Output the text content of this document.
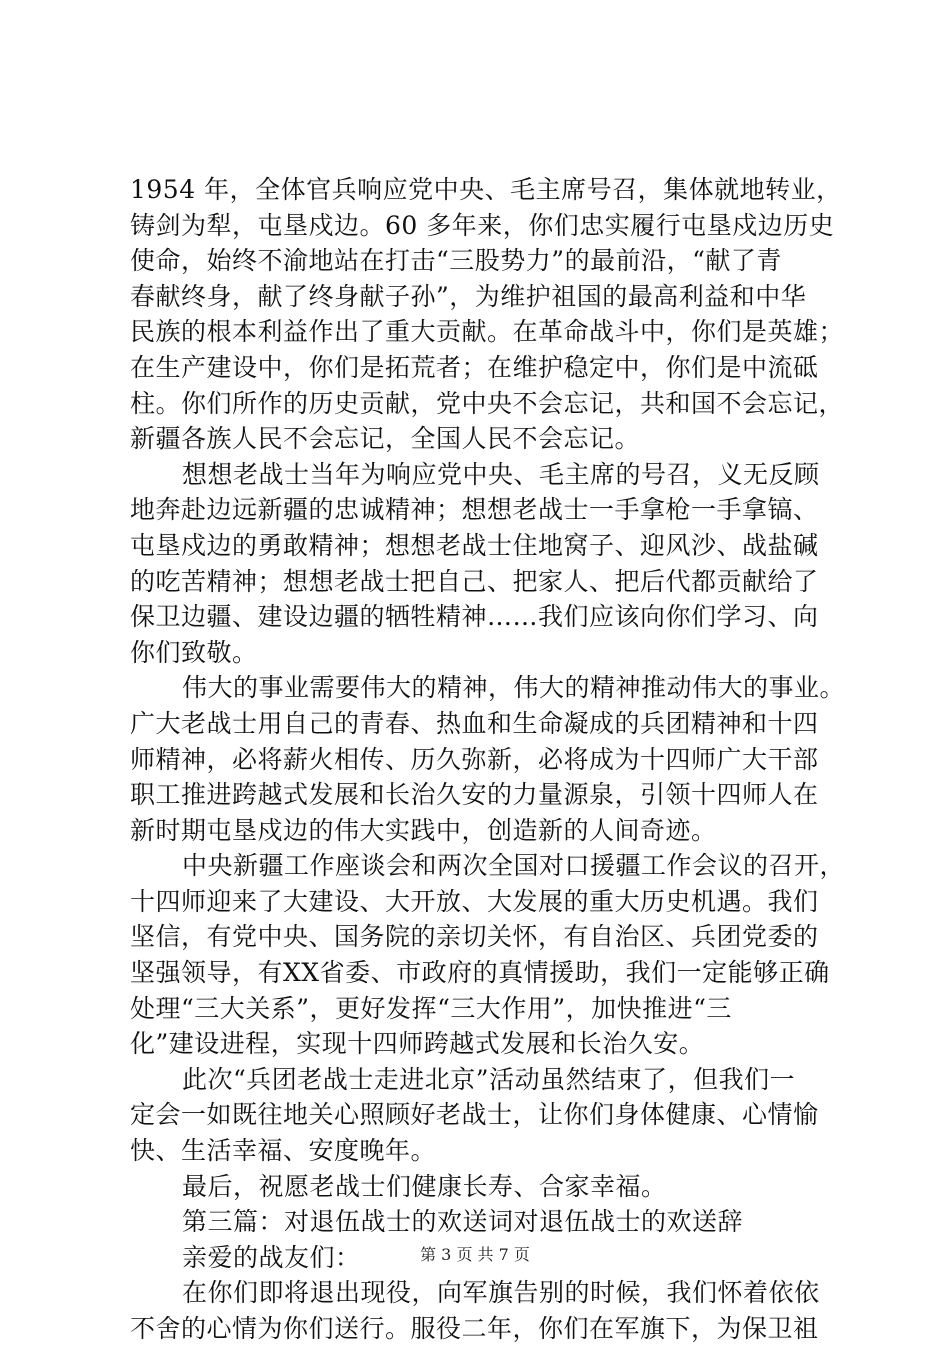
1954 年，全体官兵响应党中央、毛主席号召，集体就地转业，
铸剑为犁，屯垦戍边。60 多年来，你们忠实履行屯垦戍边历史
使命，始终不渝地站在打击“三股势力”的最前沿，“献了青
春献终身，献了终身献子孙”，为维护祖国的最高利益和中华
民族的根本利益作出了重大贡献。在革命战斗中，你们是英雄；
在生产建设中，你们是拓荒者；在维护稳定中，你们是中流砥
柱。你们所作的历史贡献，党中央不会忘记，共和国不会忘记，
新疆各族人民不会忘记，全国人民不会忘记。
想想老战士当年为响应党中央、毛主席的号召，义无反顾
地奔赴边远新疆的忠诚精神；想想老战士一手拿枪一手拿镐、
屯垦戍边的勇敢精神；想想老战士住地窝子、迎风沙、战盐碱
的吃苦精神；想想老战士把自己、把家人、把后代都贡献给了
保卫边疆、建设边疆的牺牲精神……我们应该向你们学习、向
你们致敬。
伟大的事业需要伟大的精神，伟大的精神推动伟大的事业。
广大老战士用自己的青春、热血和生命凝成的兵团精神和十四
师精神，必将薪火相传、历久弥新，必将成为十四师广大干部
职工推进跨越式发展和长治久安的力量源泉，引领十四师人在
新时期屯垦戍边的伟大实践中，创造新的人间奇迹。
中央新疆工作座谈会和两次全国对口援疆工作会议的召开，
十四师迎来了大建设、大开放、大发展的重大历史机遇。我们
坚信，有党中央、国务院的亲切关怀，有自治区、兵团党委的
坚强领导，有XX省委、市政府的真情援助，我们一定能够正确
处理“三大关系”，更好发挥“三大作用”，加快推进“三
化”建设进程，实现十四师跨越式发展和长治久安。
此次“兵团老战士走进北京”活动虽然结束了，但我们一
定会一如既往地关心照顾好老战士，让你们身体健康、心情愉
快、生活幸福、安度晚年。
最后，祝愿老战士们健康长寿、合家幸福。
第三篇：对退伍战士的欢送词对退伍战士的欢送辞
亲爱的战友们：
在你们即将退出现役，向军旗告别的时候，我们怀着依依
不舍的心情为你们送行。服役二年，你们在军旗下，为保卫祖
第 3 页 共 7 页
